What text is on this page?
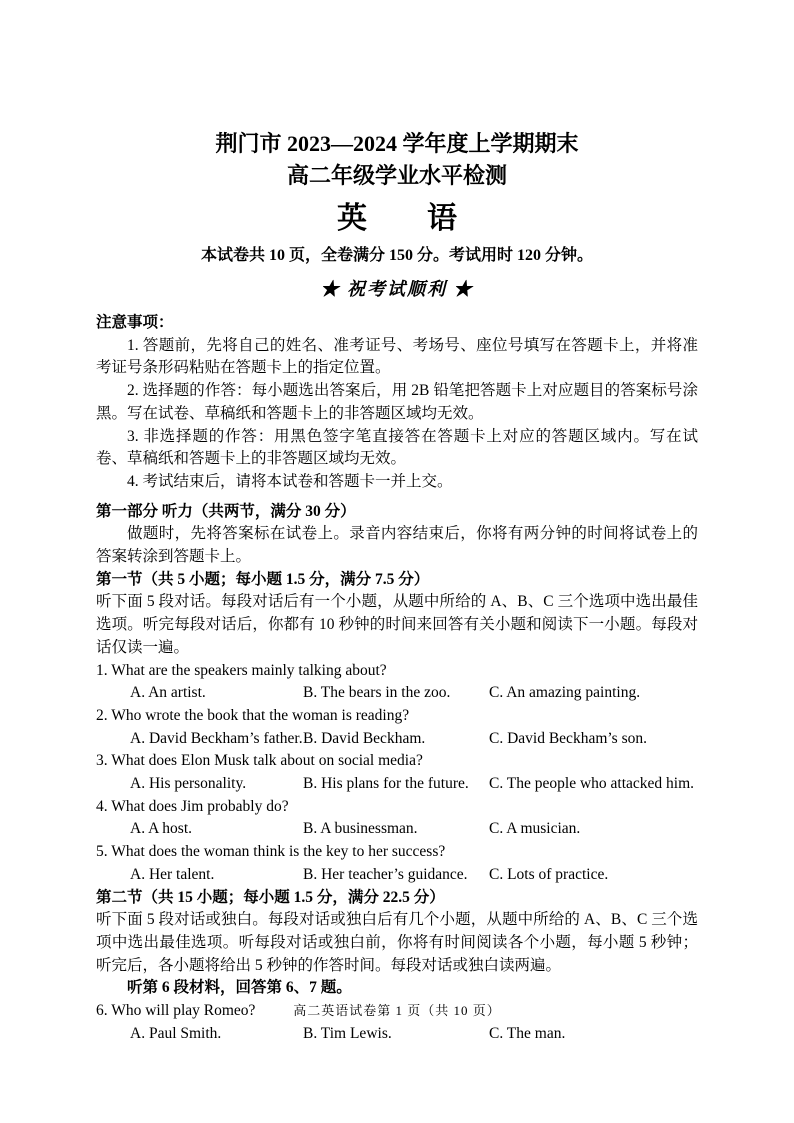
荆门市 2023—2024 学年度上学期期末
高二年级学业水平检测
英　　语
本试卷共 10 页，全卷满分 150 分。考试用时 120 分钟。
★ 祝考试顺利 ★
注意事项：

1. 答题前，先将自己的姓名、准考证号、考场号、座位号填写在答题卡上，并将准考证号条形码粘贴在答题卡上的指定位置。

2. 选择题的作答：每小题选出答案后，用 2B 铅笔把答题卡上对应题目的答案标号涂黑。写在试卷、草稿纸和答题卡上的非答题区域均无效。

3. 非选择题的作答：用黑色签字笔直接答在答题卡上对应的答题区域内。写在试卷、草稿纸和答题卡上的非答题区域均无效。

4. 考试结束后，请将本试卷和答题卡一并上交。

第一部分 听力（共两节，满分 30 分）

做题时，先将答案标在试卷上。录音内容结束后，你将有两分钟的时间将试卷上的答案转涂到答题卡上。

第一节（共 5 小题；每小题 1.5 分，满分 7.5 分）

听下面 5 段对话。每段对话后有一个小题，从题中所给的 A、B、C 三个选项中选出最佳选项。听完每段对话后，你都有 10 秒钟的时间来回答有关小题和阅读下一小题。每段对话仅读一遍。

1. What are the speakers mainly talking about?

A. An artist.	B. The bears in the zoo.	C. An amazing painting.

2. Who wrote the book that the woman is reading?

A. David Beckham’s father. B. David Beckham.	C. David Beckham’s son.

3. What does Elon Musk talk about on social media?

A. His personality.	B. His plans for the future.	C. The people who attacked him.

4. What does Jim probably do?

A. A host.	B. A businessman.	C. A musician.

5. What does the woman think is the key to her success?

A. Her talent.	B. Her teacher’s guidance.	C. Lots of practice.
第二节（共 15 小题；每小题 1.5 分，满分 22.5 分）

听下面 5 段对话或独白。每段对话或独白后有几个小题，从题中所给的 A、B、C 三个选项中选出最佳选项。听每段对话或独白前，你将有时间阅读各个小题，每小题 5 秒钟；听完后，各小题将给出 5 秒钟的作答时间。每段对话或独白读两遍。

听第 6 段材料，回答第 6、7 题。

6. Who will play Romeo?

A. Paul Smith.	B. Tim Lewis.	C. The man.
高二英语试卷第 1 页（共 10 页）
